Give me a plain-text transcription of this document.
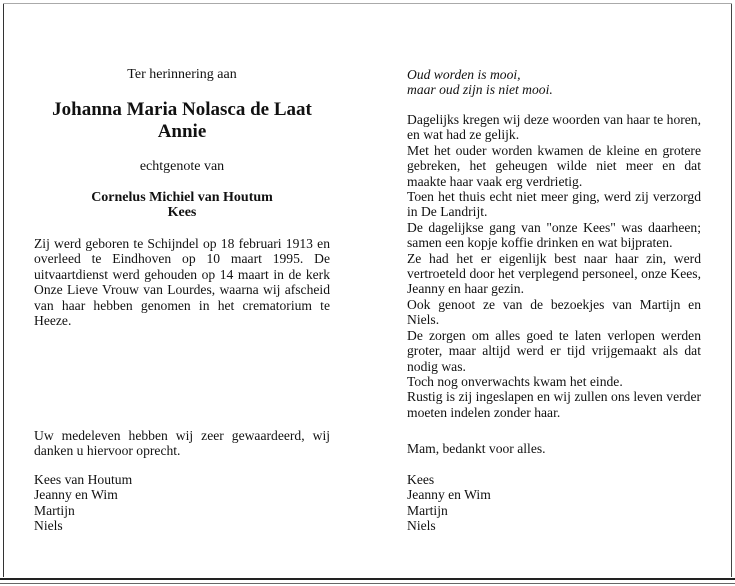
Ter herinnering aan
Johanna Maria Nolasca de Laat
Annie
echtgenote van
Cornelus Michiel van Houtum
Kees

Zij werd geboren te Schijndel op 18 februari 1913 en overleed te Eindhoven op 10 maart 1995. De uitvaartdienst werd gehouden op 14 maart in de kerk Onze Lieve Vrouw van Lourdes, waarna wij afscheid van haar hebben genomen in het crematorium te Heeze.

Uw medeleven hebben wij zeer gewaardeerd, wij danken u hiervoor oprecht.

Kees van Houtum
Jeanny en Wim
Martijn
Niels
Oud worden is mooi,
maar oud zijn is niet mooi.
Dagelijks kregen wij deze woorden van haar te horen, en wat had ze gelijk.
Met het ouder worden kwamen de kleine en grotere gebreken, het geheugen wilde niet meer en dat maakte haar vaak erg verdrietig.
Toen het thuis echt niet meer ging, werd zij verzorgd in De Landrijt.
De dagelijkse gang van "onze Kees" was daarheen; samen een kopje koffie drinken en wat bijpraten.
Ze had het er eigenlijk best naar haar zin, werd vertroeteld door het verplegend personeel, onze Kees, Jeanny en haar gezin.
Ook genoot ze van de bezoekjes van Martijn en Niels.
De zorgen om alles goed te laten verlopen werden groter, maar altijd werd er tijd vrijgemaakt als dat nodig was.
Toch nog onverwachts kwam het einde.
Rustig is zij ingeslapen en wij zullen ons leven verder moeten indelen zonder haar.
Mam, bedankt voor alles.
Kees
Jeanny en Wim
Martijn
Niels
